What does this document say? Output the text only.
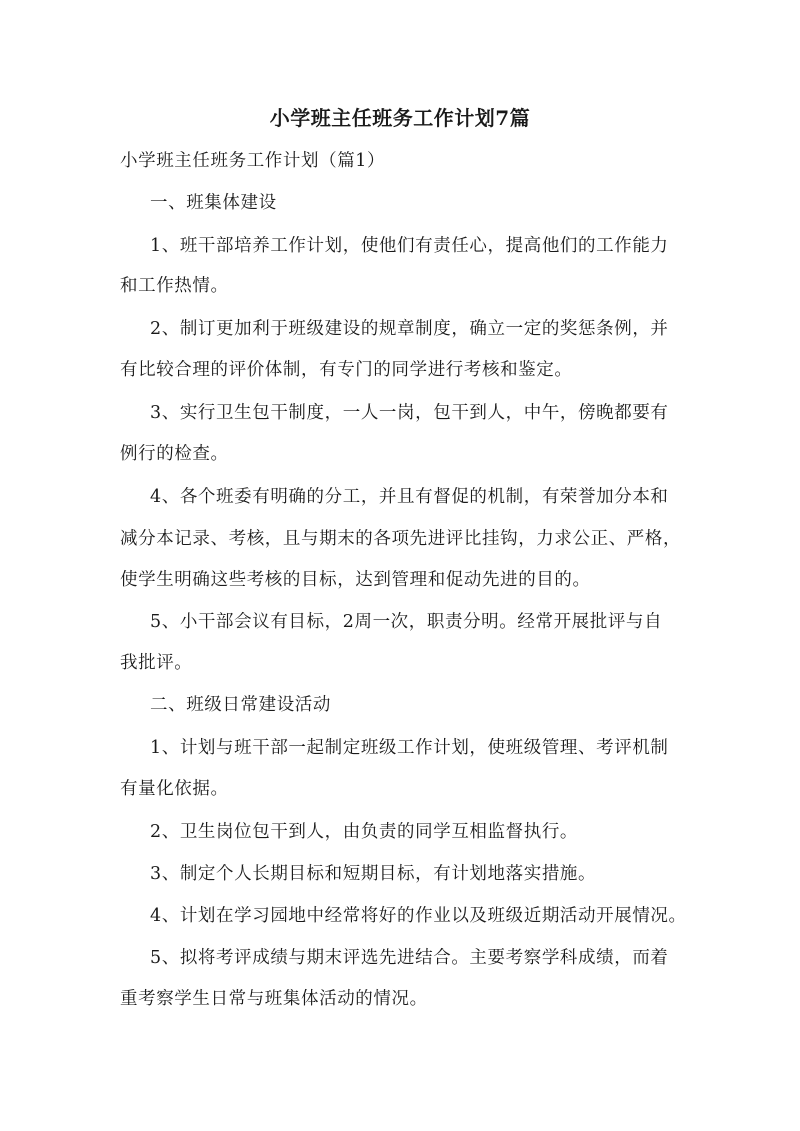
小学班主任班务工作计划7篇
小学班主任班务工作计划（篇1）
一、班集体建设
1、班干部培养工作计划，使他们有责任心，提高他们的工作能力
和工作热情。
2、制订更加利于班级建设的规章制度，确立一定的奖惩条例，并
有比较合理的评价体制，有专门的同学进行考核和鉴定。
3、实行卫生包干制度，一人一岗，包干到人，中午，傍晚都要有
例行的检查。
4、各个班委有明确的分工，并且有督促的机制，有荣誉加分本和
减分本记录、考核，且与期末的各项先进评比挂钩，力求公正、严格，
使学生明确这些考核的目标，达到管理和促动先进的目的。
5、小干部会议有目标，2周一次，职责分明。经常开展批评与自
我批评。
二、班级日常建设活动
1、计划与班干部一起制定班级工作计划，使班级管理、考评机制
有量化依据。
2、卫生岗位包干到人，由负责的同学互相监督执行。
3、制定个人长期目标和短期目标，有计划地落实措施。
4、计划在学习园地中经常将好的作业以及班级近期活动开展情况。
5、拟将考评成绩与期末评选先进结合。主要考察学科成绩，而着
重考察学生日常与班集体活动的情况。
